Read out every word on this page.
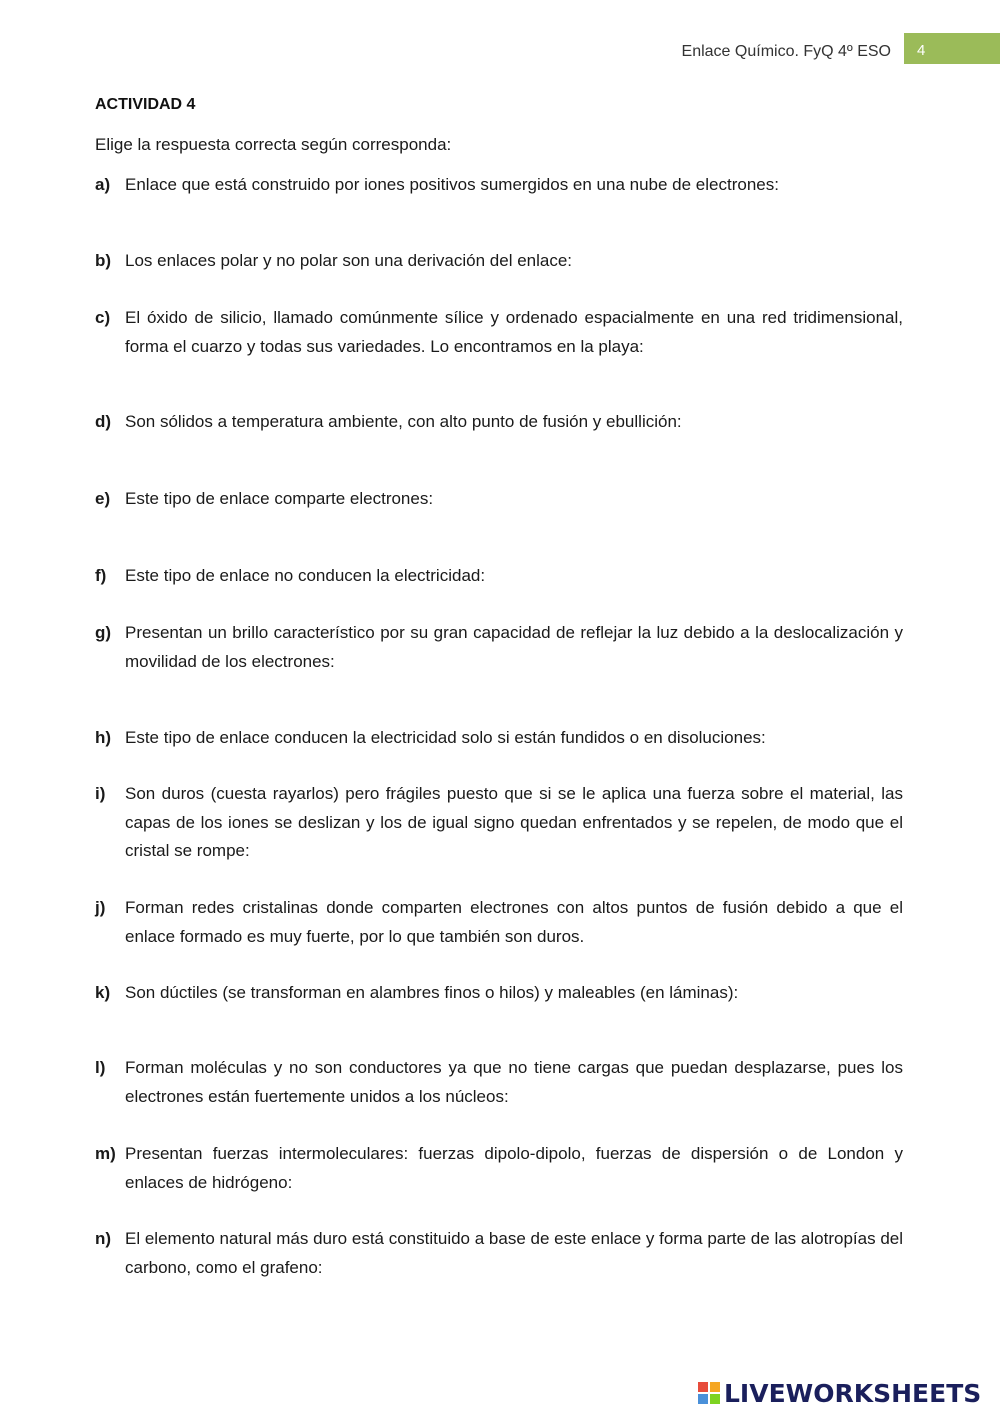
Enlace Químico. FyQ 4º ESO	4
ACTIVIDAD 4
Elige la respuesta correcta según corresponda:
a) Enlace que está construido por iones positivos sumergidos en una nube de electrones:
b) Los enlaces polar y no polar son una derivación del enlace:
c) El óxido de silicio, llamado comúnmente sílice y ordenado espacialmente en una red tridimensional, forma el cuarzo y todas sus variedades. Lo encontramos en la playa:
d) Son sólidos a temperatura ambiente, con alto punto de fusión y ebullición:
e) Este tipo de enlace comparte electrones:
f) Este tipo de enlace no conducen la electricidad:
g) Presentan un brillo característico por su gran capacidad de reflejar la luz debido a la deslocalización y movilidad de los electrones:
h) Este tipo de enlace conducen la electricidad solo si están fundidos o en disoluciones:
i) Son duros (cuesta rayarlos) pero frágiles puesto que si se le aplica una fuerza sobre el material, las capas de los iones se deslizan y los de igual signo quedan enfrentados y se repelen, de modo que el cristal se rompe:
j) Forman redes cristalinas donde comparten electrones con altos puntos de fusión debido a que el enlace formado es muy fuerte, por lo que también son duros.
k) Son dúctiles (se transforman en alambres finos o hilos) y maleables (en láminas):
l) Forman moléculas y no son conductores ya que no tiene cargas que puedan desplazarse, pues los electrones están fuertemente unidos a los núcleos:
m) Presentan fuerzas intermoleculares: fuerzas dipolo-dipolo, fuerzas de dispersión o de London y enlaces de hidrógeno:
n) El elemento natural más duro está constituido a base de este enlace y forma parte de las alotropías del carbono, como el grafeno:
LIVEWORKSHEETS
